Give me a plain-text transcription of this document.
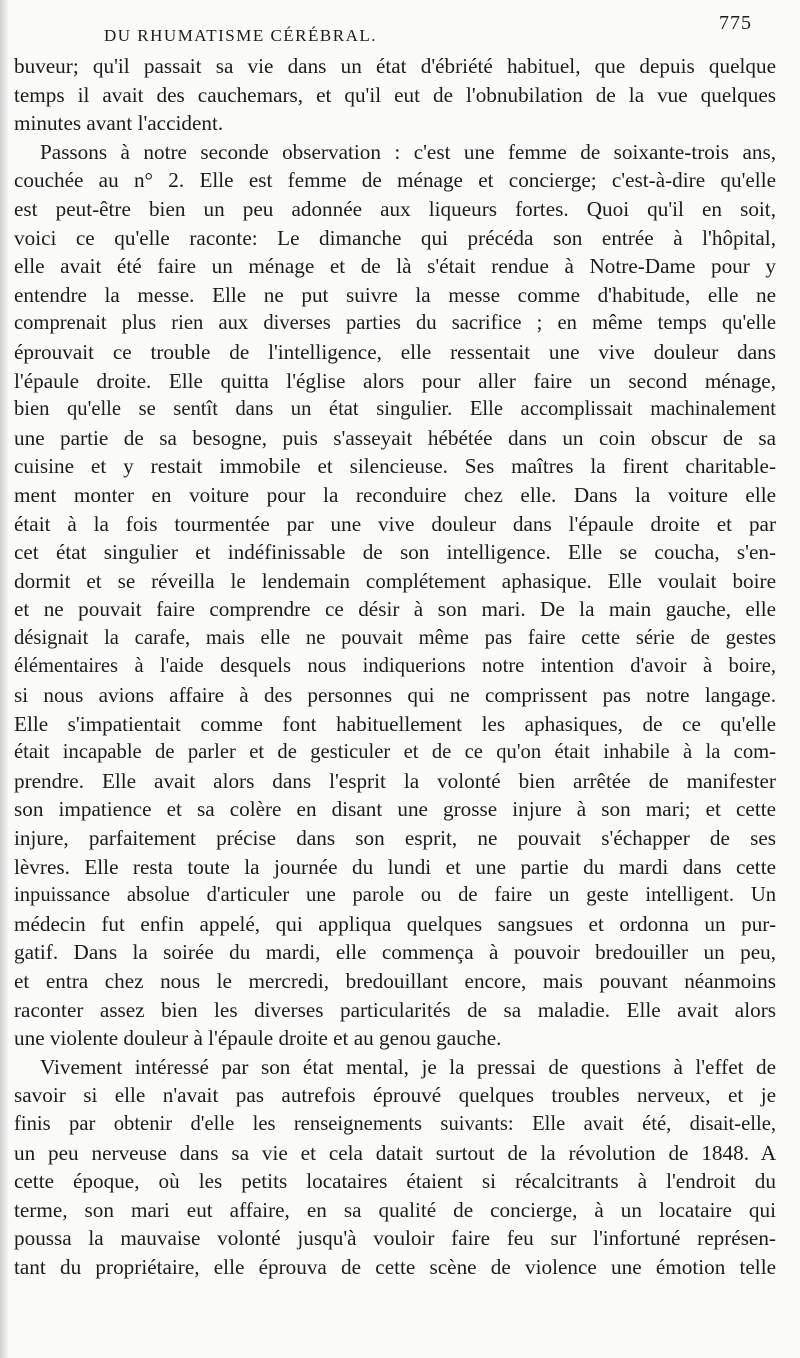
DU RHUMATISME CÉRÉBRAL.
775
buveur; qu'il passait sa vie dans un état d'ébriété habituel, que depuis quelque
temps il avait des cauchemars, et qu'il eut de l'obnubilation de la vue quelques
minutes avant l'accident.
Passons à notre seconde observation : c'est une femme de soixante-trois ans,
couchée au n° 2. Elle est femme de ménage et concierge; c'est-à-dire qu'elle
est peut-être bien un peu adonnée aux liqueurs fortes. Quoi qu'il en soit,
voici ce qu'elle raconte: Le dimanche qui précéda son entrée à l'hôpital,
elle avait été faire un ménage et de là s'était rendue à Notre-Dame pour y
entendre la messe. Elle ne put suivre la messe comme d'habitude, elle ne
comprenait plus rien aux diverses parties du sacrifice ; en même temps qu'elle
éprouvait ce trouble de l'intelligence, elle ressentait une vive douleur dans
l'épaule droite. Elle quitta l'église alors pour aller faire un second ménage,
bien qu'elle se sentît dans un état singulier. Elle accomplissait machinalement
une partie de sa besogne, puis s'asseyait hébétée dans un coin obscur de sa
cuisine et y restait immobile et silencieuse. Ses maîtres la firent charitable-
ment monter en voiture pour la reconduire chez elle. Dans la voiture elle
était à la fois tourmentée par une vive douleur dans l'épaule droite et par
cet état singulier et indéfinissable de son intelligence. Elle se coucha, s'en-
dormit et se réveilla le lendemain complétement aphasique. Elle voulait boire
et ne pouvait faire comprendre ce désir à son mari. De la main gauche, elle
désignait la carafe, mais elle ne pouvait même pas faire cette série de gestes
élémentaires à l'aide desquels nous indiquerions notre intention d'avoir à boire,
si nous avions affaire à des personnes qui ne comprissent pas notre langage.
Elle s'impatientait comme font habituellement les aphasiques, de ce qu'elle
était incapable de parler et de gesticuler et de ce qu'on était inhabile à la com-
prendre. Elle avait alors dans l'esprit la volonté bien arrêtée de manifester
son impatience et sa colère en disant une grosse injure à son mari; et cette
injure, parfaitement précise dans son esprit, ne pouvait s'échapper de ses
lèvres. Elle resta toute la journée du lundi et une partie du mardi dans cette
inpuissance absolue d'articuler une parole ou de faire un geste intelligent. Un
médecin fut enfin appelé, qui appliqua quelques sangsues et ordonna un pur-
gatif. Dans la soirée du mardi, elle commença à pouvoir bredouiller un peu,
et entra chez nous le mercredi, bredouillant encore, mais pouvant néanmoins
raconter assez bien les diverses particularités de sa maladie. Elle avait alors
une violente douleur à l'épaule droite et au genou gauche.
Vivement intéressé par son état mental, je la pressai de questions à l'effet de
savoir si elle n'avait pas autrefois éprouvé quelques troubles nerveux, et je
finis par obtenir d'elle les renseignements suivants: Elle avait été, disait-elle,
un peu nerveuse dans sa vie et cela datait surtout de la révolution de 1848. A
cette époque, où les petits locataires étaient si récalcitrants à l'endroit du
terme, son mari eut affaire, en sa qualité de concierge, à un locataire qui
poussa la mauvaise volonté jusqu'à vouloir faire feu sur l'infortuné représen-
tant du propriétaire, elle éprouva de cette scène de violence une émotion telle
